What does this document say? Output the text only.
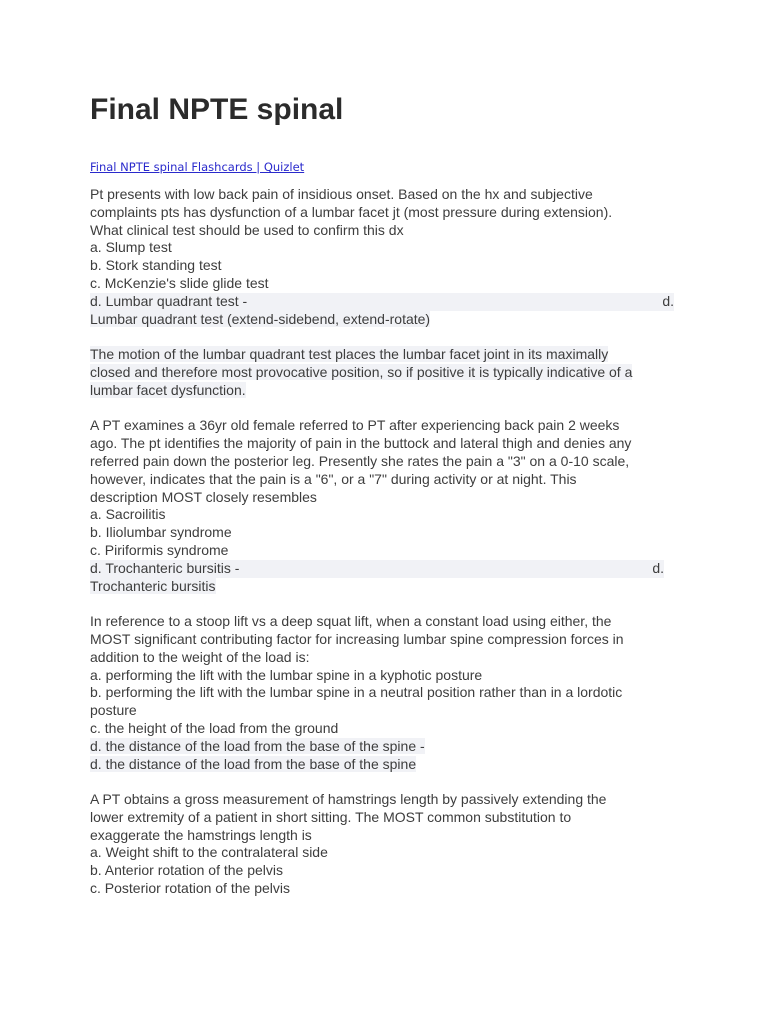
Final NPTE spinal
Final NPTE spinal Flashcards | Quizlet
Pt presents with low back pain of insidious onset. Based on the hx and subjective
complaints pts has dysfunction of a lumbar facet jt (most pressure during extension).
What clinical test should be used to confirm this dx
a. Slump test
b. Stork standing test
c. McKenzie's slide glide test
d. Lumbar quadrant test -	d.
Lumbar quadrant test (extend-sidebend, extend-rotate)
The motion of the lumbar quadrant test places the lumbar facet joint in its maximally
closed and therefore most provocative position, so if positive it is typically indicative of a
lumbar facet dysfunction.
A PT examines a 36yr old female referred to PT after experiencing back pain 2 weeks
ago. The pt identifies the majority of pain in the buttock and lateral thigh and denies any
referred pain down the posterior leg. Presently she rates the pain a "3" on a 0-10 scale,
however, indicates that the pain is a "6", or a "7" during activity or at night. This
description MOST closely resembles
a. Sacroilitis
b. Iliolumbar syndrome
c. Piriformis syndrome
d. Trochanteric bursitis -	d.
Trochanteric bursitis
In reference to a stoop lift vs a deep squat lift, when a constant load using either, the
MOST significant contributing factor for increasing lumbar spine compression forces in
addition to the weight of the load is:
a. performing the lift with the lumbar spine in a kyphotic posture
b. performing the lift with the lumbar spine in a neutral position rather than in a lordotic
posture
c. the height of the load from the ground
d. the distance of the load from the base of the spine -
d. the distance of the load from the base of the spine
A PT obtains a gross measurement of hamstrings length by passively extending the
lower extremity of a patient in short sitting. The MOST common substitution to
exaggerate the hamstrings length is
a. Weight shift to the contralateral side
b. Anterior rotation of the pelvis
c. Posterior rotation of the pelvis
